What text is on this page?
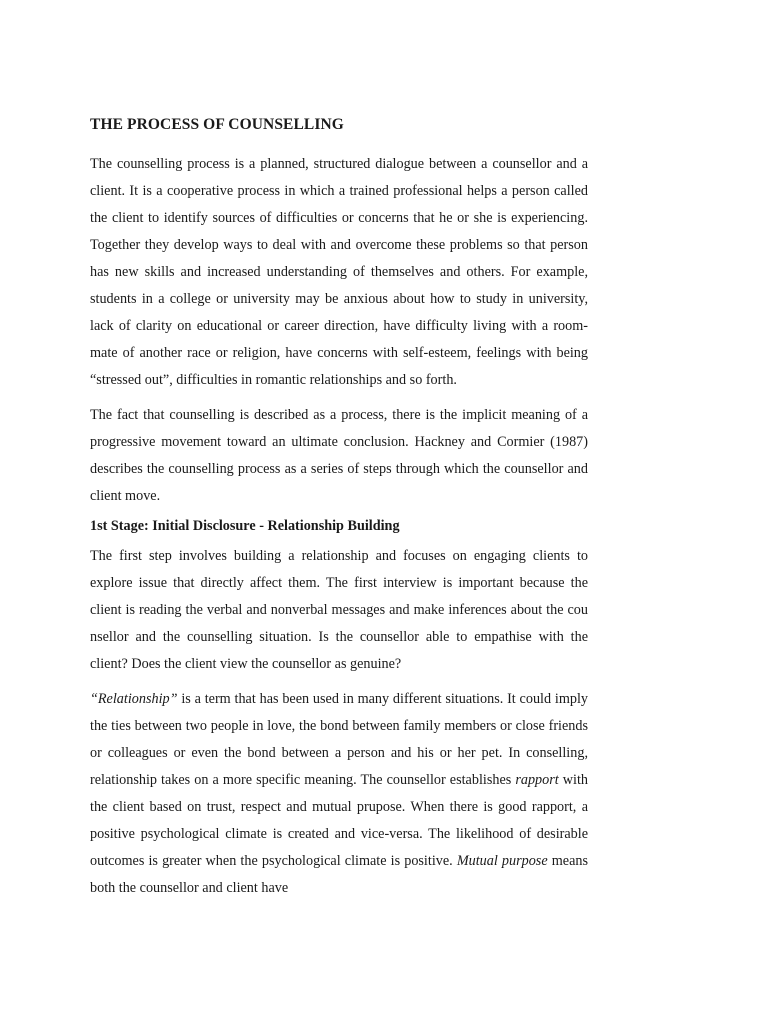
THE PROCESS OF COUNSELLING

The counselling process is a planned, structured dialogue between a counsellor and a client. It is a cooperative process in which a trained professional helps a person called the client to identify sources of difficulties or concerns that he or she is experiencing. Together they develop ways to deal with and overcome these problems so that person has new skills and increased understanding of themselves and others. For example, students in a college or university may be anxious about how to study in university, lack of clarity on educational or career direction, have difficulty living with a room-mate of another race or religion, have concerns with self-esteem, feelings with being “stressed out”, difficulties in romantic relationships and so forth.

The fact that counselling is described as a process, there is the implicit meaning of a progressive movement toward an ultimate conclusion. Hackney and Cormier (1987) describes the counselling process as a series of steps through which the counsellor and client move.

1st Stage: Initial Disclosure - Relationship Building

The first step involves building a relationship and focuses on engaging clients to explore issue that directly affect them. The first interview is important because the client is reading the verbal and nonverbal messages and make inferences about the cou nsellor and the counselling situation. Is the counsellor able to empathise with the client? Does the client view the counsellor as genuine?

“Relationship” is a term that has been used in many different situations. It could imply the ties between two people in love, the bond between family members or close friends or colleagues or even the bond between a person and his or her pet. In conselling, relationship takes on a more specific meaning. The counsellor establishes rapport with the client based on trust, respect and mutual prupose. When there is good rapport, a positive psychological climate is created and vice-versa. The likelihood of desirable outcomes is greater when the psychological climate is positive. Mutual purpose means both the counsellor and client have
